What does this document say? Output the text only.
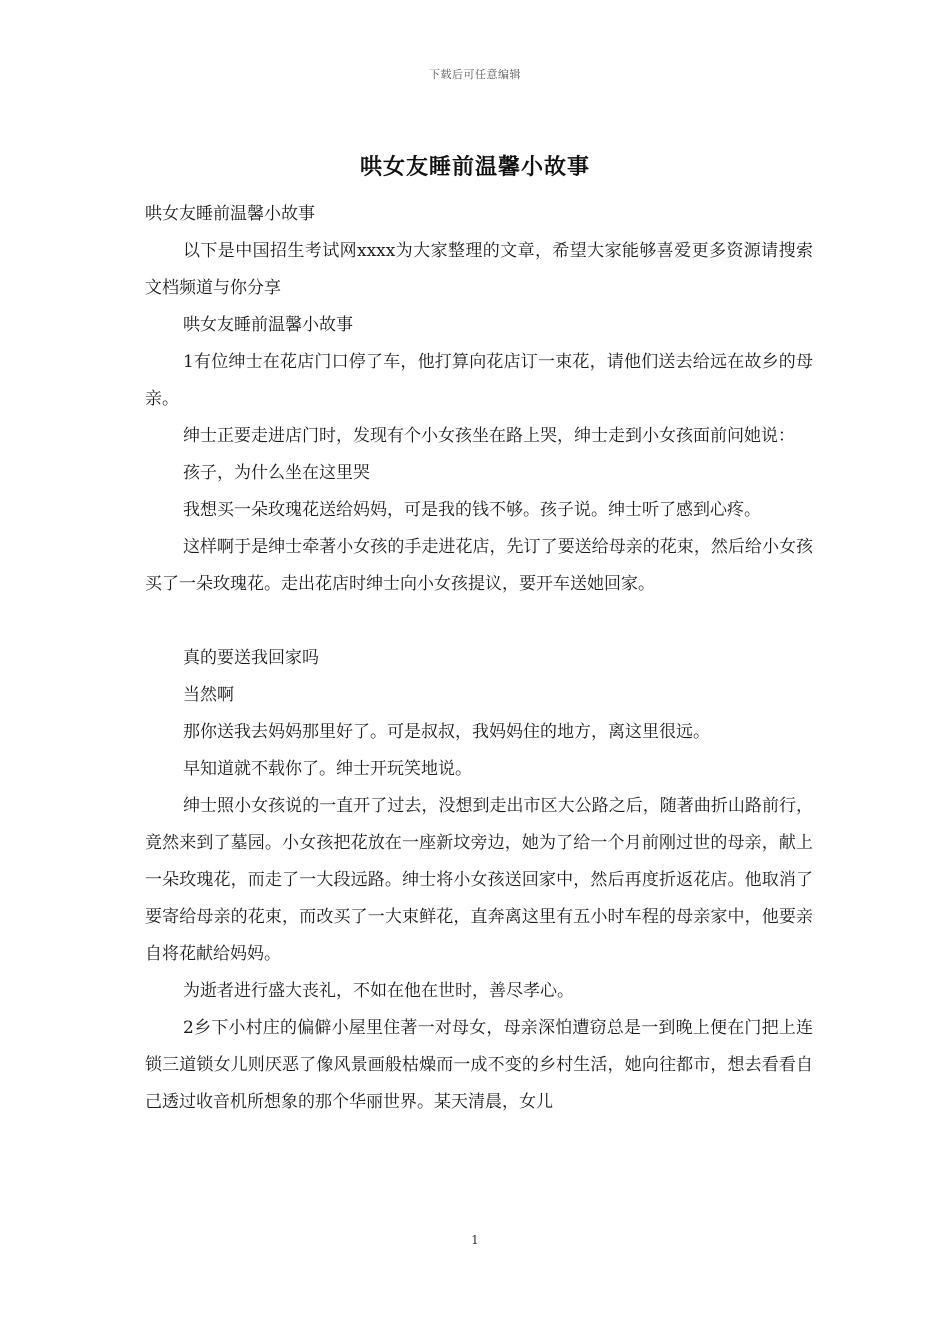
下载后可任意编辑
哄女友睡前温馨小故事

哄女友睡前温馨小故事

以下是中国招生考试网xxxx为大家整理的文章，希望大家能够喜爱更多资源请搜索文档频道与你分享

哄女友睡前温馨小故事

1有位绅士在花店门口停了车，他打算向花店订一束花，请他们送去给远在故乡的母亲。

绅士正要走进店门时，发现有个小女孩坐在路上哭，绅士走到小女孩面前问她说：

孩子，为什么坐在这里哭

我想买一朵玫瑰花送给妈妈，可是我的钱不够。孩子说。绅士听了感到心疼。

这样啊于是绅士牵著小女孩的手走进花店，先订了要送给母亲的花束，然后给小女孩买了一朵玫瑰花。走出花店时绅士向小女孩提议，要开车送她回家。

真的要送我回家吗

当然啊

那你送我去妈妈那里好了。可是叔叔，我妈妈住的地方，离这里很远。

早知道就不载你了。绅士开玩笑地说。

绅士照小女孩说的一直开了过去，没想到走出市区大公路之后，随著曲折山路前行，竟然来到了墓园。小女孩把花放在一座新坟旁边，她为了给一个月前刚过世的母亲，献上一朵玫瑰花，而走了一大段远路。绅士将小女孩送回家中，然后再度折返花店。他取消了要寄给母亲的花束，而改买了一大束鲜花，直奔离这里有五小时车程的母亲家中，他要亲自将花献给妈妈。

为逝者进行盛大丧礼，不如在他在世时，善尽孝心。

2乡下小村庄的偏僻小屋里住著一对母女，母亲深怕遭窃总是一到晚上便在门把上连锁三道锁女儿则厌恶了像风景画般枯燥而一成不变的乡村生活，她向往都市，想去看看自己透过收音机所想象的那个华丽世界。某天清晨，女儿

1
